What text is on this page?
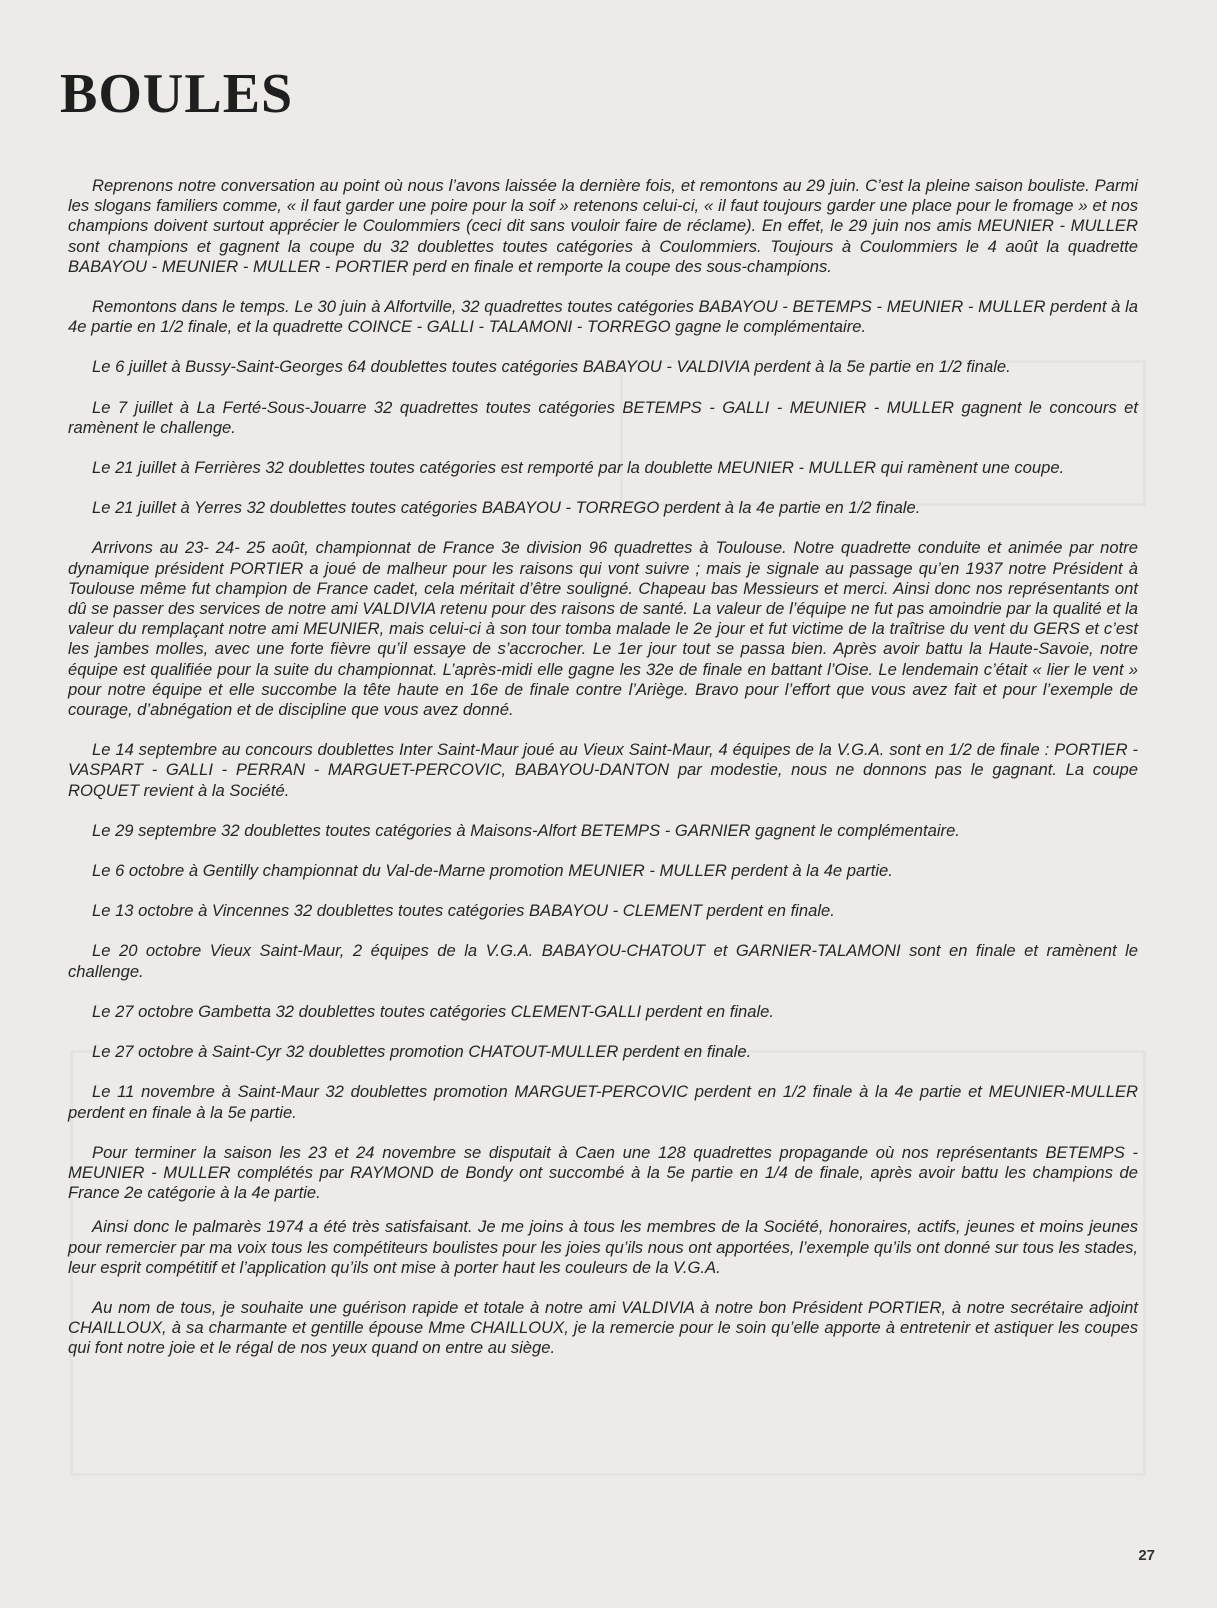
BOULES

Reprenons notre conversation au point où nous l’avons laissée la dernière fois, et remontons au 29 juin. C’est la pleine saison bouliste. Parmi les slogans familiers comme, « il faut garder une poire pour la soif » retenons celui-ci, « il faut toujours garder une place pour le fromage » et nos champions doivent surtout apprécier le Coulommiers (ceci dit sans vouloir faire de réclame). En effet, le 29 juin nos amis MEUNIER - MULLER sont champions et gagnent la coupe du 32 doublettes toutes catégories à Coulommiers. Toujours à Coulommiers le 4 août la quadrette BABAYOU - MEUNIER - MULLER - PORTIER perd en finale et remporte la coupe des sous-champions.

Remontons dans le temps. Le 30 juin à Alfortville, 32 quadrettes toutes catégories BABAYOU - BETEMPS - MEUNIER - MULLER perdent à la 4e partie en 1/2 finale, et la quadrette COINCE - GALLI - TALAMONI - TORREGO gagne le complémentaire.

Le 6 juillet à Bussy-Saint-Georges 64 doublettes toutes catégories BABAYOU - VALDIVIA perdent à la 5e partie en 1/2 finale.

Le 7 juillet à La Ferté-Sous-Jouarre 32 quadrettes toutes catégories BETEMPS - GALLI - MEUNIER - MULLER gagnent le concours et ramènent le challenge.

Le 21 juillet à Ferrières 32 doublettes toutes catégories est remporté par la doublette MEUNIER - MULLER qui ramènent une coupe.

Le 21 juillet à Yerres 32 doublettes toutes catégories BABAYOU - TORREGO perdent à la 4e partie en 1/2 finale.

Arrivons au 23- 24- 25 août, championnat de France 3e division 96 quadrettes à Toulouse. Notre quadrette conduite et animée par notre dynamique président PORTIER a joué de malheur pour les raisons qui vont suivre ; mais je signale au passage qu’en 1937 notre Président à Toulouse même fut champion de France cadet, cela méritait d’être souligné. Chapeau bas Messieurs et merci. Ainsi donc nos représentants ont dû se passer des services de notre ami VALDIVIA retenu pour des raisons de santé. La valeur de l’équipe ne fut pas amoindrie par la qualité et la valeur du remplaçant notre ami MEUNIER, mais celui-ci à son tour tomba malade le 2e jour et fut victime de la traîtrise du vent du GERS et c’est les jambes molles, avec une forte fièvre qu’il essaye de s’accrocher. Le 1er jour tout se passa bien. Après avoir battu la Haute-Savoie, notre équipe est qualifiée pour la suite du championnat. L’après-midi elle gagne les 32e de finale en battant l’Oise. Le lendemain c’était « lier le vent » pour notre équipe et elle succombe la tête haute en 16e de finale contre l’Ariège. Bravo pour l’effort que vous avez fait et pour l’exemple de courage, d’abnégation et de discipline que vous avez donné.

Le 14 septembre au concours doublettes Inter Saint-Maur joué au Vieux Saint-Maur, 4 équipes de la V.G.A. sont en 1/2 de finale : PORTIER - VASPART - GALLI - PERRAN - MARGUET-PERCOVIC, BABAYOU-DANTON par modestie, nous ne donnons pas le gagnant. La coupe ROQUET revient à la Société.

Le 29 septembre 32 doublettes toutes catégories à Maisons-Alfort BETEMPS - GARNIER gagnent le complémentaire.

Le 6 octobre à Gentilly championnat du Val-de-Marne promotion MEUNIER - MULLER perdent à la 4e partie.

Le 13 octobre à Vincennes 32 doublettes toutes catégories BABAYOU - CLEMENT perdent en finale.

Le 20 octobre Vieux Saint-Maur, 2 équipes de la V.G.A. BABAYOU-CHATOUT et GARNIER-TALAMONI sont en finale et ramènent le challenge.

Le 27 octobre Gambetta 32 doublettes toutes catégories CLEMENT-GALLI perdent en finale.

Le 27 octobre à Saint-Cyr 32 doublettes promotion CHATOUT-MULLER perdent en finale.

Le 11 novembre à Saint-Maur 32 doublettes promotion MARGUET-PERCOVIC perdent en 1/2 finale à la 4e partie et MEUNIER-MULLER perdent en finale à la 5e partie.

Pour terminer la saison les 23 et 24 novembre se disputait à Caen une 128 quadrettes propagande où nos représentants BETEMPS - MEUNIER - MULLER complétés par RAYMOND de Bondy ont succombé à la 5e partie en 1/4 de finale, après avoir battu les champions de France 2e catégorie à la 4e partie.

Ainsi donc le palmarès 1974 a été très satisfaisant. Je me joins à tous les membres de la Société, honoraires, actifs, jeunes et moins jeunes pour remercier par ma voix tous les compétiteurs boulistes pour les joies qu’ils nous ont apportées, l’exemple qu’ils ont donné sur tous les stades, leur esprit compétitif et l’application qu’ils ont mise à porter haut les couleurs de la V.G.A.

Au nom de tous, je souhaite une guérison rapide et totale à notre ami VALDIVIA à notre bon Président PORTIER, à notre secrétaire adjoint CHAILLOUX, à sa charmante et gentille épouse Mme CHAILLOUX, je la remercie pour le soin qu’elle apporte à entretenir et astiquer les coupes qui font notre joie et le régal de nos yeux quand on entre au siège.

27
